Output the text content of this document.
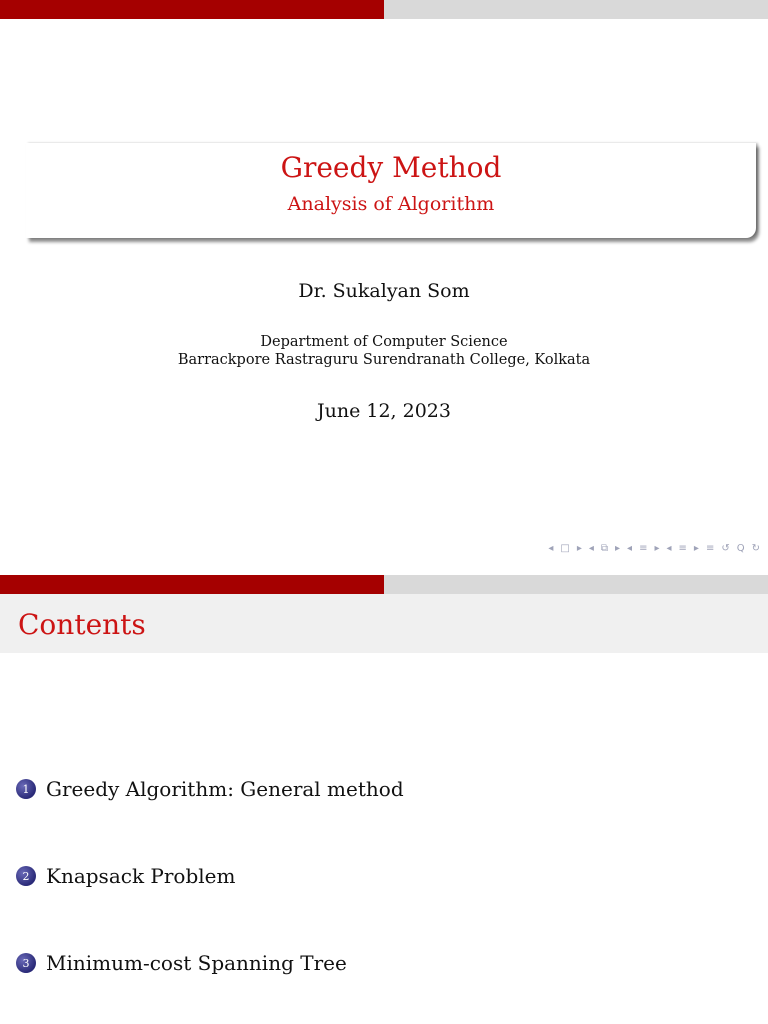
Greedy Method
Analysis of Algorithm
Dr. Sukalyan Som
Department of Computer Science
Barrackpore Rastraguru Surendranath College, Kolkata
June 12, 2023
◂ □ ▸ ◂ ⧉ ▸ ◂ ≡ ▸ ◂ ≡ ▸ ≡ ↺ Q ↻
Contents
1 Greedy Algorithm: General method
2 Knapsack Problem
3 Minimum-cost Spanning Tree
